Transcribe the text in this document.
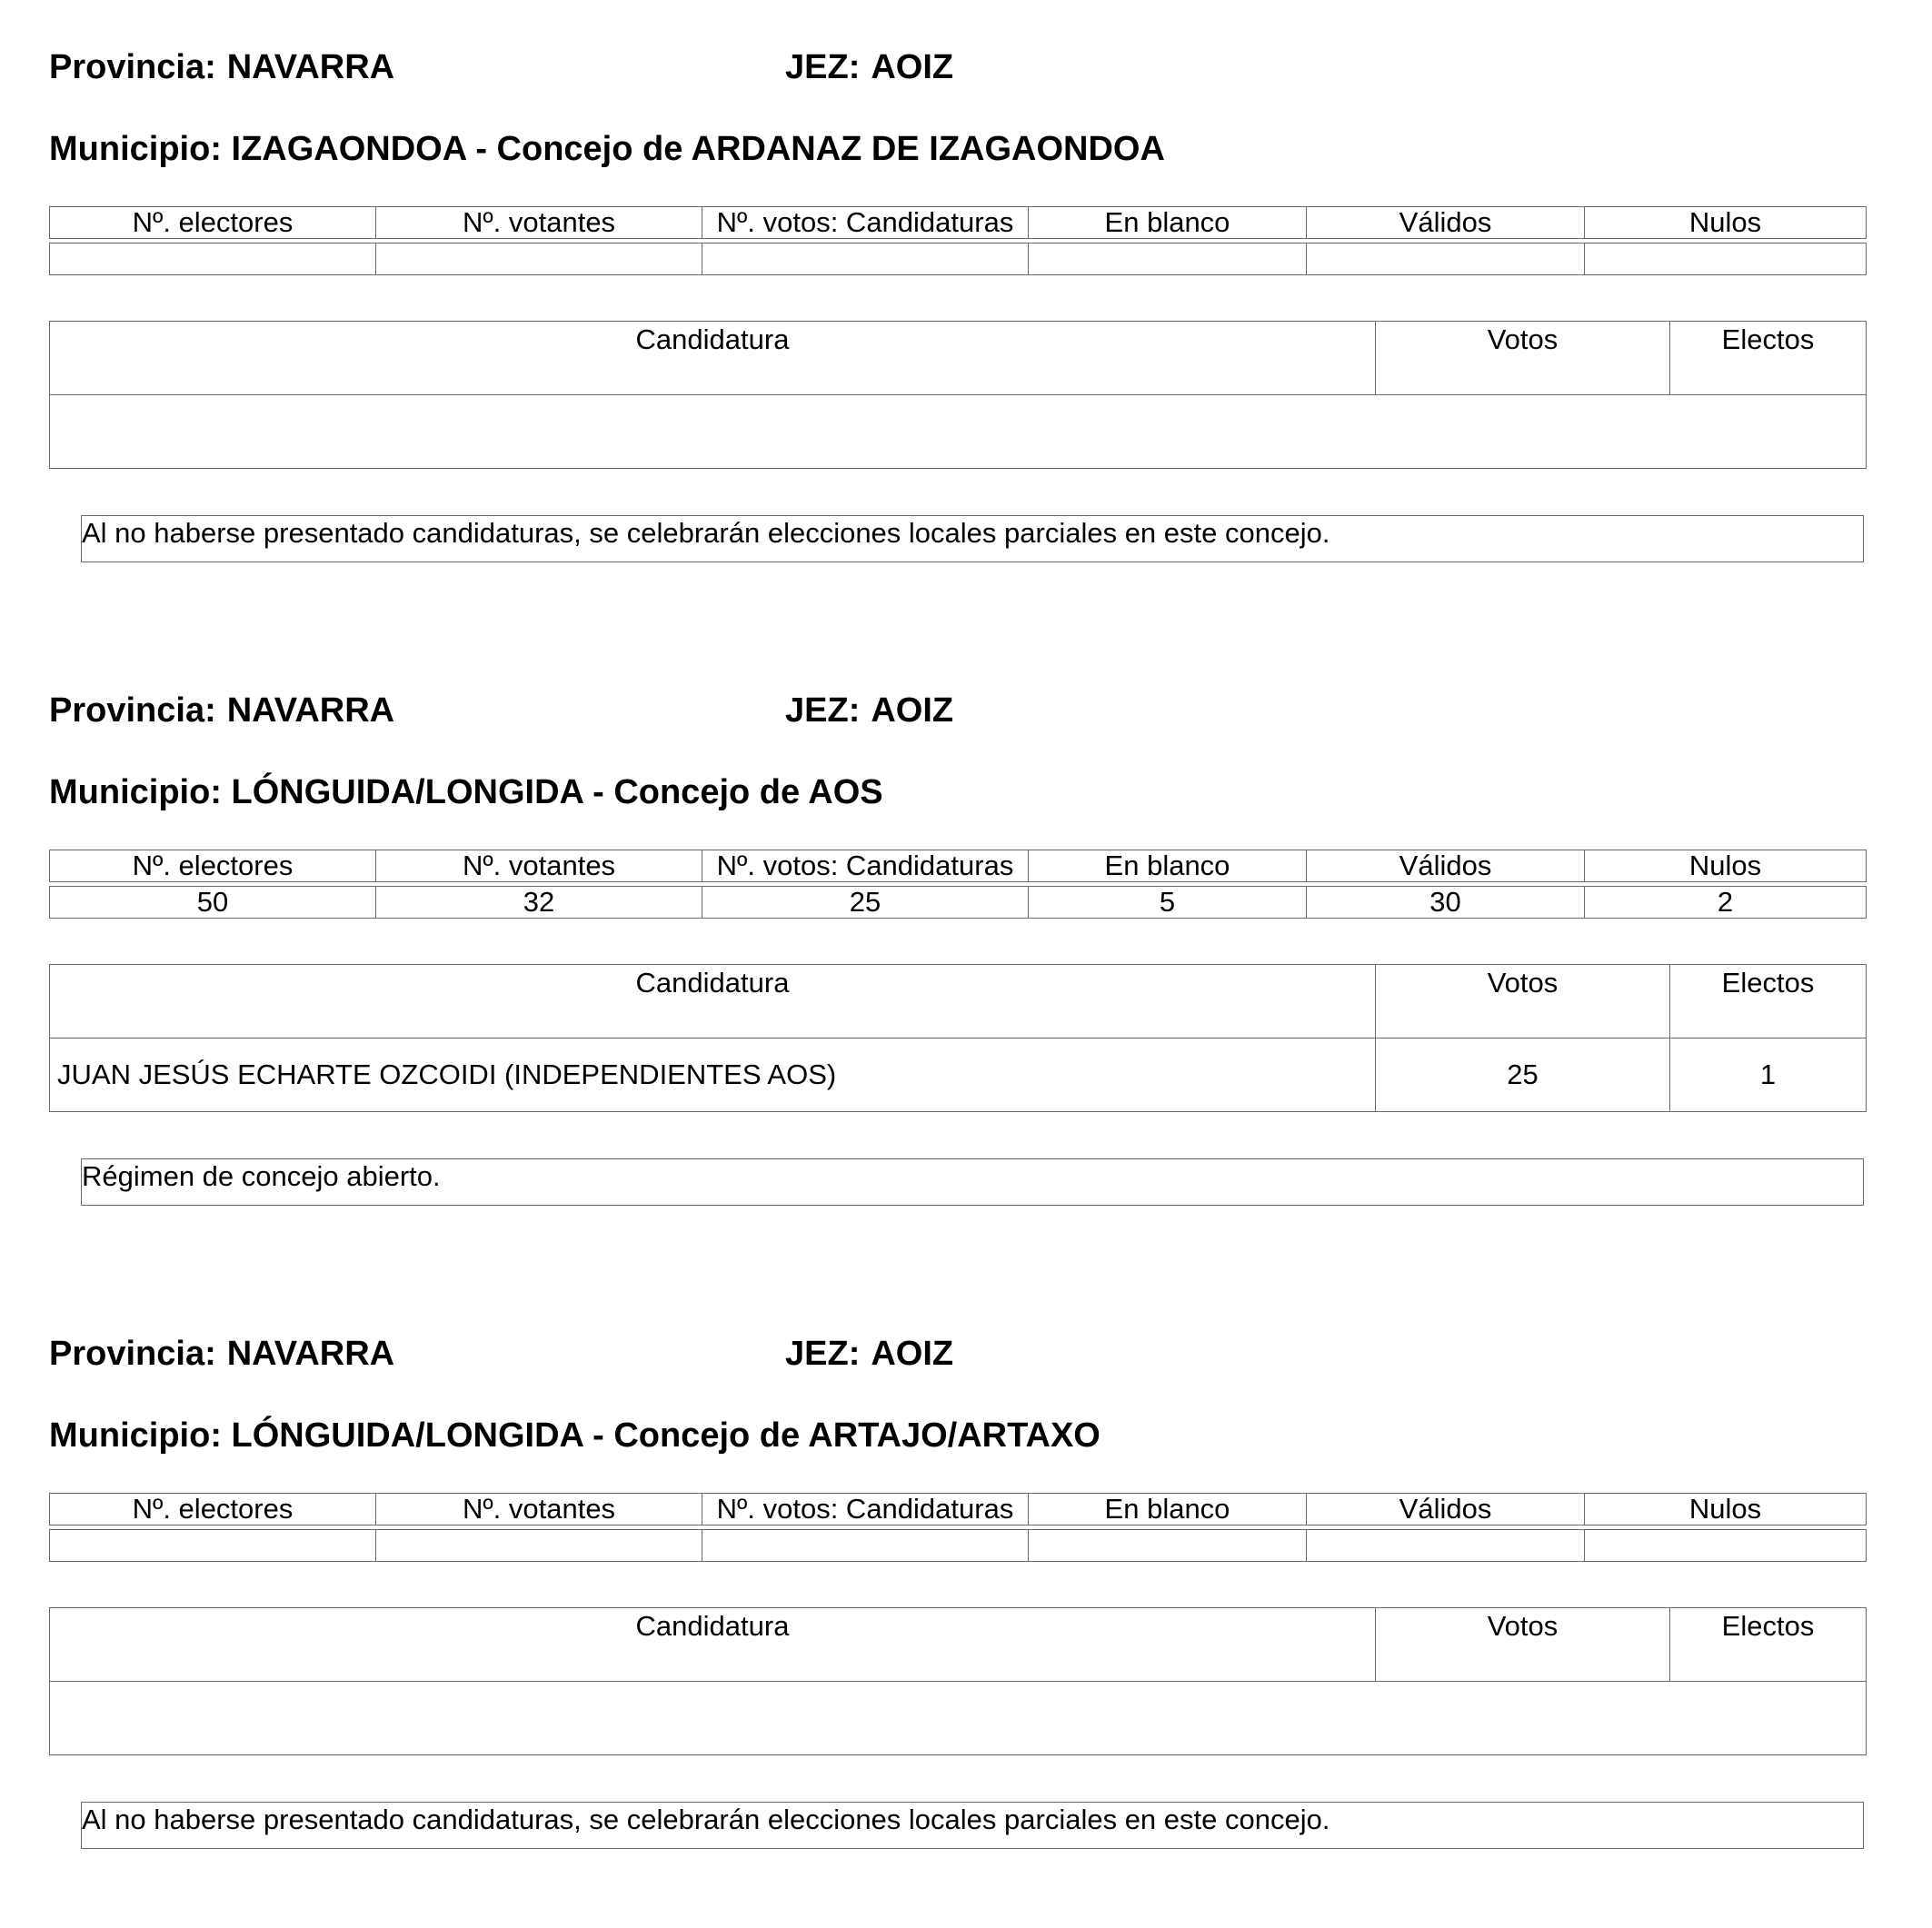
Provincia: NAVARRA	JEZ: AOIZ
Municipio: IZAGAONDOA - Concejo de ARDANAZ DE IZAGAONDOA
Nº. electores	Nº. votantes	Nº. votos: Candidaturas	En blanco	Válidos	Nulos

Candidatura	Votos	Electos

Al no haberse presentado candidaturas, se celebrarán elecciones locales parciales en este concejo.
Provincia: NAVARRA	JEZ: AOIZ
Municipio: LÓNGUIDA/LONGIDA - Concejo de AOS
Nº. electores	Nº. votantes	Nº. votos: Candidaturas	En blanco	Válidos	Nulos

50	32	25	5	30	2
Candidatura	Votos	Electos
JUAN JESÚS ECHARTE OZCOIDI (INDEPENDIENTES AOS)	25	1
Régimen de concejo abierto.
Provincia: NAVARRA	JEZ: AOIZ
Municipio: LÓNGUIDA/LONGIDA - Concejo de ARTAJO/ARTAXO
Nº. electores	Nº. votantes	Nº. votos: Candidaturas	En blanco	Válidos	Nulos

Candidatura	Votos	Electos

Al no haberse presentado candidaturas, se celebrarán elecciones locales parciales en este concejo.
